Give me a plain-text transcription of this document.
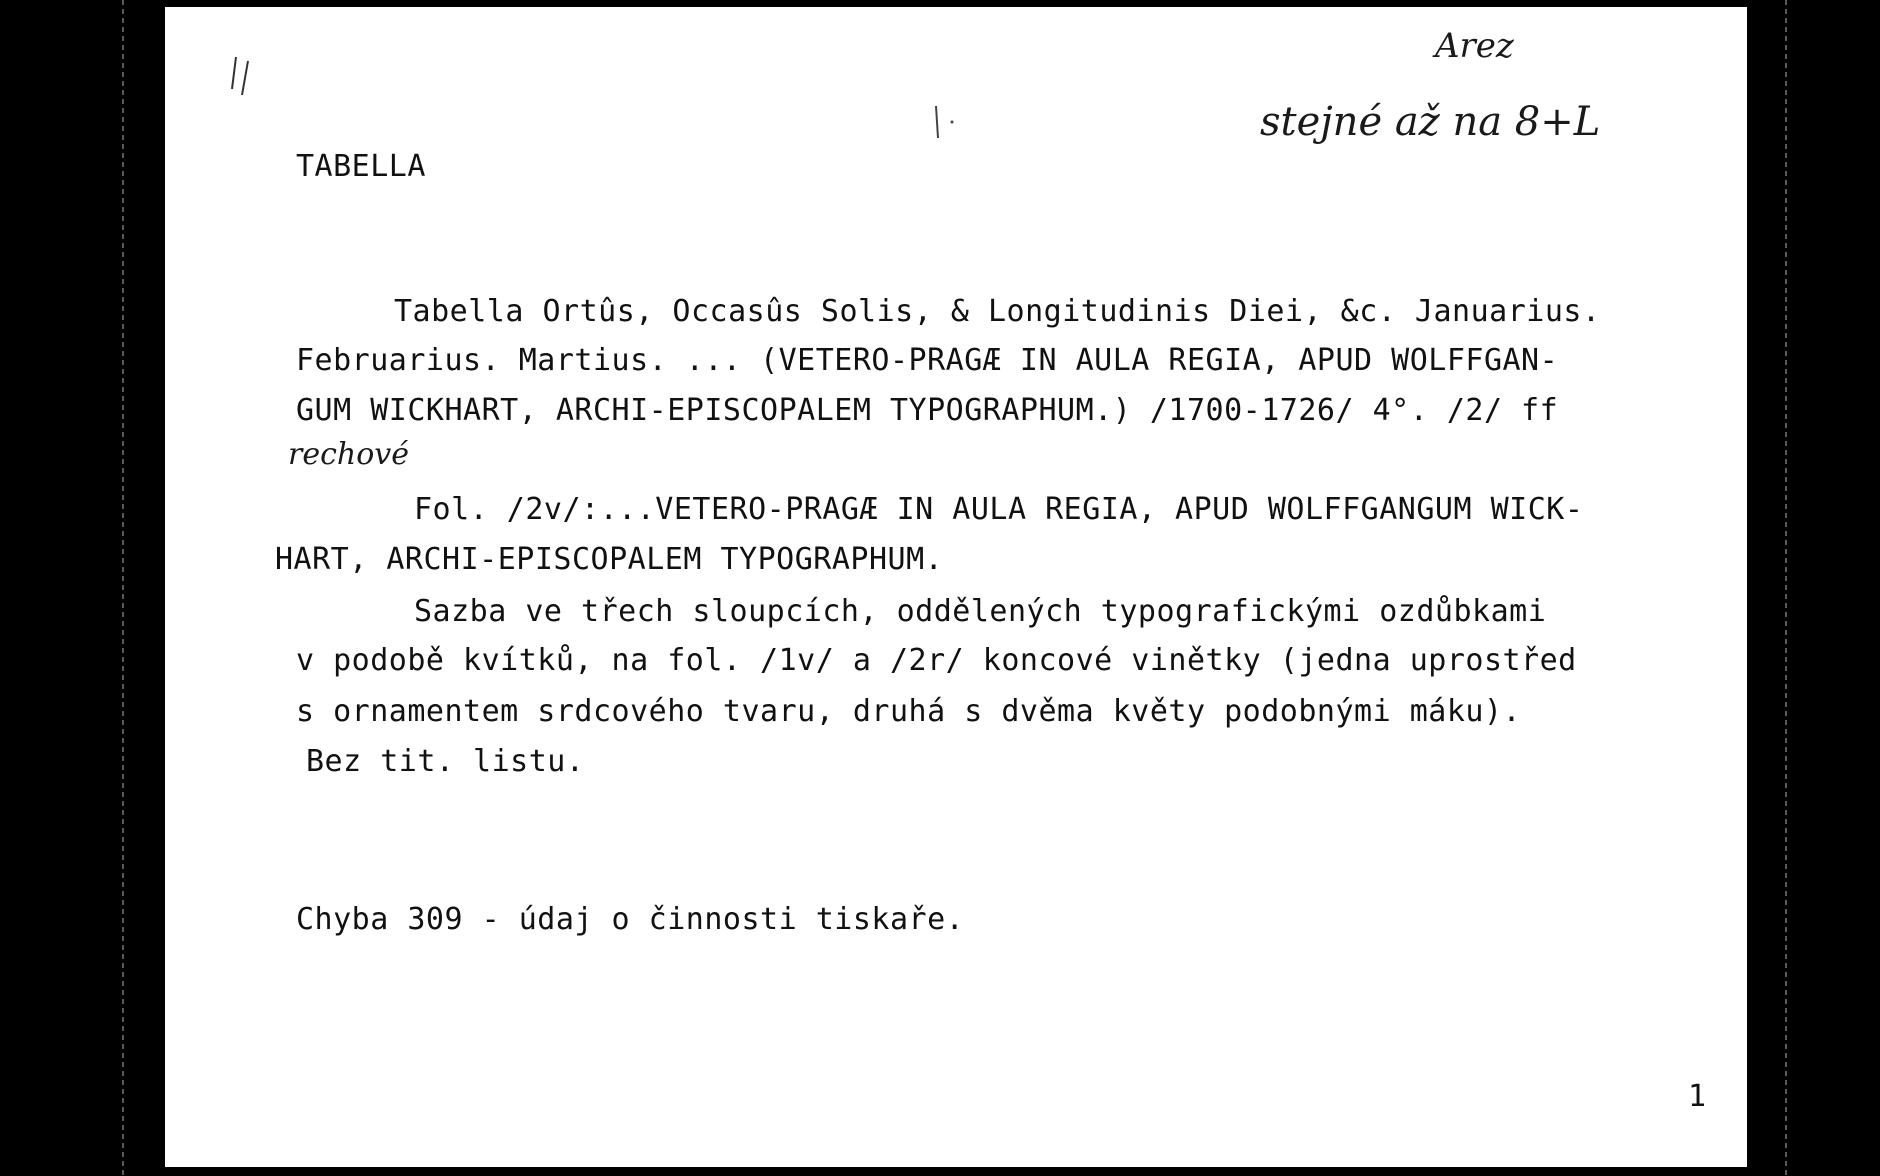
Arez
stejné až na 8+L
TABELLA
Tabella Ortûs, Occasûs Solis, & Longitudinis Diei, &c. Januarius.
Februarius. Martius. ... (VETERO-PRAGÆ IN AULA REGIA, APUD WOLFFGAN-
GUM WICKHART, ARCHI-EPISCOPALEM TYPOGRAPHUM.) /1700-1726/ 4°. /2/ ff
rechové
Fol. /2v/:...VETERO-PRAGÆ IN AULA REGIA, APUD WOLFFGANGUM WICK-
HART, ARCHI-EPISCOPALEM TYPOGRAPHUM.
Sazba ve třech sloupcích, oddělených typografickými ozdůbkami
v podobě kvítků, na fol. /1v/ a /2r/ koncové vinětky (jedna uprostřed
s ornamentem srdcového tvaru, druhá s dvěma květy podobnými máku).
Bez tit. listu.
Chyba 309 - údaj o činnosti tiskaře.
1
